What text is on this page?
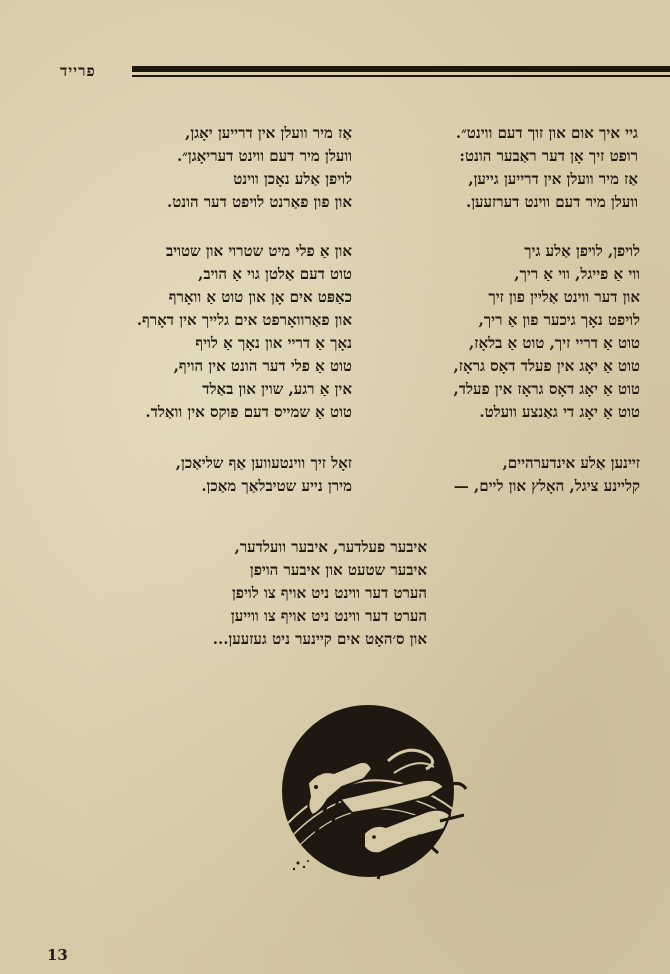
פרייד
גיי איך אום און זוך דעם ווינט״.
רופט זיך אָן דער ראַבער הונט:
אַז מיר וועלן אין דרייען גייען,
וועלן מיר דעם ווינט דערזעען.
לויפן, לויפן אַלע גיך
ווי אַ פייגל, ווי אַ ריך,
און דער ווינט אַליין פון זיך
לויפט נאָך גיכער פון אַ ריך,
טוט אַ דריי זיך, טוט אַ בלאָז,
טוט אַ יאָג אין פעלד דאָס גראָז,
טוט אַ יאָג דאָס גראָז אין פעלד,
טוט אַ יאָג די גאַנצע וועלט.
זיינען אַלע אינדערהיים,
קליינע ציגל, האָלץ און ליים, —
אַז מיר וועלן אין דרייען יאָגן,
וועלן מיר דעם ווינט דעריאָגן״.
לויפן אַלע נאָכן ווינט
און פון פאַרנט לויפט דער הונט.
און אַ פלי מיט שטרוי און שטויב
טוט דעם אַלטן גוי אַ הויב,
כאַפּט אים אָן און טוט אַ וואָרף
און פאַרוואָרפט אים גלייך אין דאָרף.
נאָך אַ דריי און נאָך אַ לויף
טוט אַ פלי דער הונט אין הויף,
אין אַ רגע, שוין און באַלד
טוט אַ שמייס דעם פוקס אין וואַלד.
זאָל זיך ווינטעווען אַף שליאַכן,
מירן נייע שטיבלאַך מאַכן.
איבער פעלדער, איבער וועלדער,
איבער שטעט און איבער הויפן
הערט דער ווינט ניט אויף צו לויפן
הערט דער ווינט ניט אויף צו ווייען
און ס׳האָט אים קיינער ניט געזעען...
13
